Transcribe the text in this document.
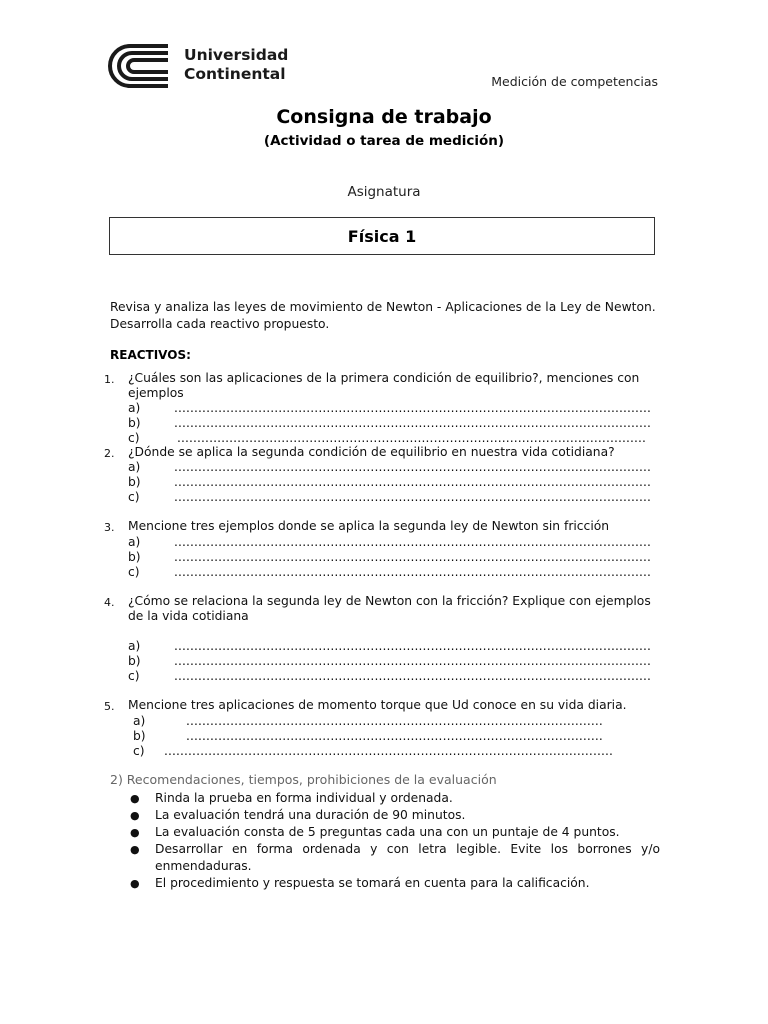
Universidad
Continental	Medición de competencias
Consigna de trabajo
(Actividad o tarea de medición)
Asignatura
Física 1

Revisa y analiza las leyes de movimiento de Newton - Aplicaciones de la Ley de Newton.

Desarrolla cada reactivo propuesto.

REACTIVOS:
1. ¿Cuáles son las aplicaciones de la primera condición de equilibrio?, menciones con ejemplos
a)	.......................................................................................................................
b)	.......................................................................................................................
c)	.....................................................................................................................
2. ¿Dónde se aplica la segunda condición de equilibrio en nuestra vida cotidiana?
a)	.......................................................................................................................
b)	.......................................................................................................................
c)	.......................................................................................................................
3. Mencione tres ejemplos donde se aplica la segunda ley de Newton sin fricción
a)	.......................................................................................................................
b)	.......................................................................................................................
c)	.......................................................................................................................
4. ¿Cómo se relaciona la segunda ley de Newton con la fricción? Explique con ejemplos de la vida cotidiana
a)	.......................................................................................................................
b)	.......................................................................................................................
c)	.......................................................................................................................
5. Mencione tres aplicaciones de momento torque que Ud conoce en su vida diaria.
a)	........................................................................................................
b)	........................................................................................................
c) ................................................................................................................
2) Recomendaciones, tiempos, prohibiciones de la evaluación
● Rinda la prueba en forma individual y ordenada.
● La evaluación tendrá una duración de 90 minutos.
● La evaluación consta de 5 preguntas cada una con un puntaje de 4 puntos.
● Desarrollar en forma ordenada y con letra legible. Evite los borrones y/o enmendaduras.
● El procedimiento y respuesta se tomará en cuenta para la calificación.
